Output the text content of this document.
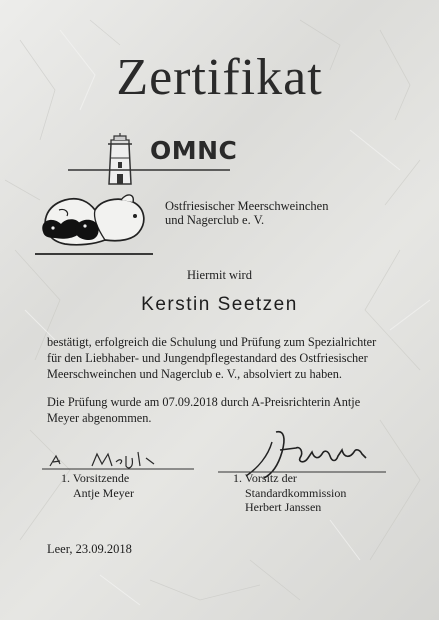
Zertifikat
OMNC
Ostfriesischer Meerschweinchen
und Nagerclub e. V.
Hiermit wird
Kerstin Seetzen
bestätigt, erfolgreich die Schulung und Prüfung zum Spezialrichter
für den Liebhaber- und Jungendpflegestandard des Ostfriesischer
Meerschweinchen und Nagerclub e. V., absolviert zu haben.
Die Prüfung wurde am 07.09.2018 durch A-Preisrichterin Antje
Meyer abgenommen.
1. Vorsitzende
Antje Meyer
1. Vorsitz der
Standardkommission
Herbert Janssen
Leer, 23.09.2018
